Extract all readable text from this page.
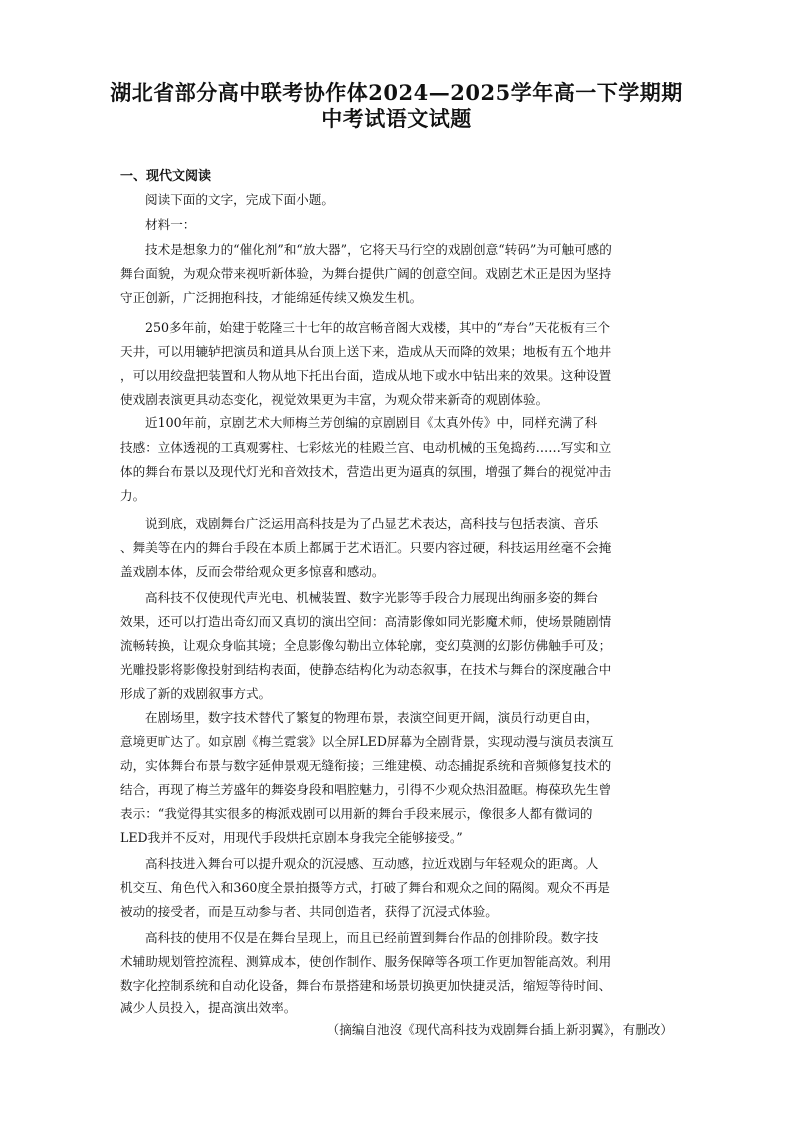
湖北省部分高中联考协作体2024—2025学年高一下学期期
中考试语文试题
一、现代文阅读
阅读下面的文字，完成下面小题。
材料一：
技术是想象力的“催化剂”和“放大器”，它将天马行空的戏剧创意“转码”为可触可感的
舞台面貌，为观众带来视听新体验，为舞台提供广阔的创意空间。戏剧艺术正是因为坚持
守正创新，广泛拥抱科技，才能绵延传续又焕发生机。
250多年前，始建于乾隆三十七年的故宫畅音阁大戏楼，其中的“寿台”天花板有三个
天井，可以用辘轳把演员和道具从台顶上送下来，造成从天而降的效果；地板有五个地井
，可以用绞盘把装置和人物从地下托出台面，造成从地下或水中钻出来的效果。这种设置
使戏剧表演更具动态变化，视觉效果更为丰富，为观众带来新奇的观剧体验。
近100年前，京剧艺术大师梅兰芳创编的京剧剧目《太真外传》中，同样充满了科
技感：立体透视的工真观雾柱、七彩炫光的桂殿兰宫、电动机械的玉兔捣药……写实和立
体的舞台布景以及现代灯光和音效技术，营造出更为逼真的氛围，增强了舞台的视觉冲击
力。
说到底，戏剧舞台广泛运用高科技是为了凸显艺术表达，高科技与包括表演、音乐
、舞美等在内的舞台手段在本质上都属于艺术语汇。只要内容过硬，科技运用丝毫不会掩
盖戏剧本体，反而会带给观众更多惊喜和感动。
高科技不仅使现代声光电、机械装置、数字光影等手段合力展现出绚丽多姿的舞台
效果，还可以打造出奇幻而又真切的演出空间：高清影像如同光影魔术师，使场景随剧情
流畅转换，让观众身临其境；全息影像勾勒出立体轮廓，变幻莫测的幻影仿佛触手可及；
光雕投影将影像投射到结构表面，使静态结构化为动态叙事，在技术与舞台的深度融合中
形成了新的戏剧叙事方式。
在剧场里，数字技术替代了繁复的物理布景，表演空间更开阔，演员行动更自由，
意境更旷达了。如京剧《梅兰霓裳》以全屏LED屏幕为全剧背景，实现动漫与演员表演互
动，实体舞台布景与数字延伸景观无缝衔接；三维建模、动态捕捉系统和音频修复技术的
结合，再现了梅兰芳盛年的舞姿身段和唱腔魅力，引得不少观众热泪盈眶。梅葆玖先生曾
表示：“我觉得其实很多的梅派戏剧可以用新的舞台手段来展示，像很多人都有微词的
LED我并不反对，用现代手段烘托京剧本身我完全能够接受。”
高科技进入舞台可以提升观众的沉浸感、互动感，拉近戏剧与年轻观众的距离。人
机交互、角色代入和360度全景拍摄等方式，打破了舞台和观众之间的隔阂。观众不再是
被动的接受者，而是互动参与者、共同创造者，获得了沉浸式体验。
高科技的使用不仅是在舞台呈现上，而且已经前置到舞台作品的创排阶段。数字技
术辅助规划管控流程、测算成本，使创作制作、服务保障等各项工作更加智能高效。利用
数字化控制系统和自动化设备，舞台布景搭建和场景切换更加快捷灵活，缩短等待时间、
减少人员投入，提高演出效率。
（摘编自池沒《现代高科技为戏剧舞台插上新羽翼》，有删改）
